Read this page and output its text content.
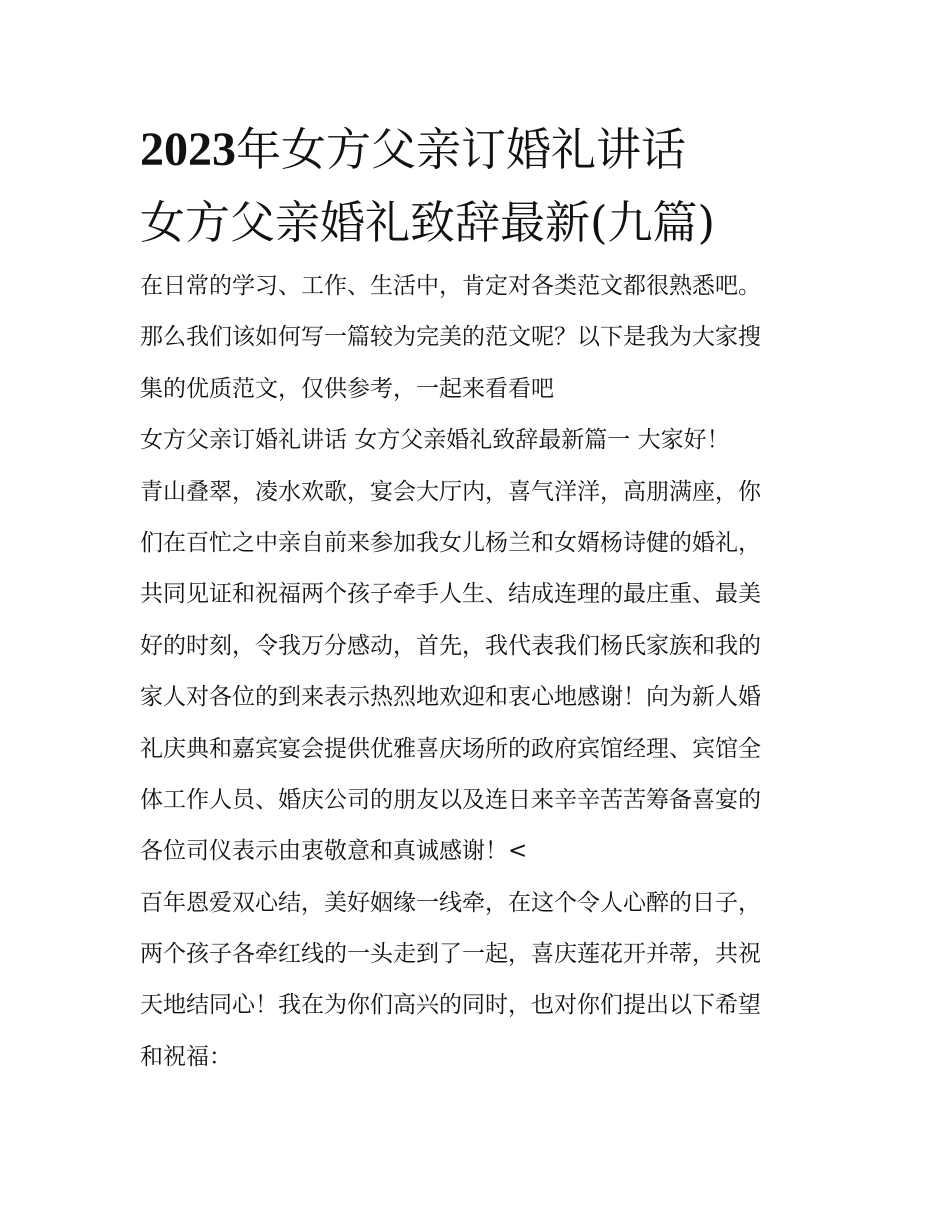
2023年女方父亲订婚礼讲话
女方父亲婚礼致辞最新(九篇)
在日常的学习、工作、生活中，肯定对各类范文都很熟悉吧。
那么我们该如何写一篇较为完美的范文呢？以下是我为大家搜
集的优质范文，仅供参考，一起来看看吧
女方父亲订婚礼讲话 女方父亲婚礼致辞最新篇一 大家好！
青山叠翠，凌水欢歌，宴会大厅内，喜气洋洋，高朋满座，你
们在百忙之中亲自前来参加我女儿杨兰和女婿杨诗健的婚礼，
共同见证和祝福两个孩子牵手人生、结成连理的最庄重、最美
好的时刻，令我万分感动，首先，我代表我们杨氏家族和我的
家人对各位的到来表示热烈地欢迎和衷心地感谢！向为新人婚
礼庆典和嘉宾宴会提供优雅喜庆场所的政府宾馆经理、宾馆全
体工作人员、婚庆公司的朋友以及连日来辛辛苦苦筹备喜宴的
各位司仪表示由衷敬意和真诚感谢！<
百年恩爱双心结，美好姻缘一线牵，在这个令人心醉的日子，
两个孩子各牵红线的一头走到了一起，喜庆莲花开并蒂，共祝
天地结同心！我在为你们高兴的同时，也对你们提出以下希望
和祝福：
